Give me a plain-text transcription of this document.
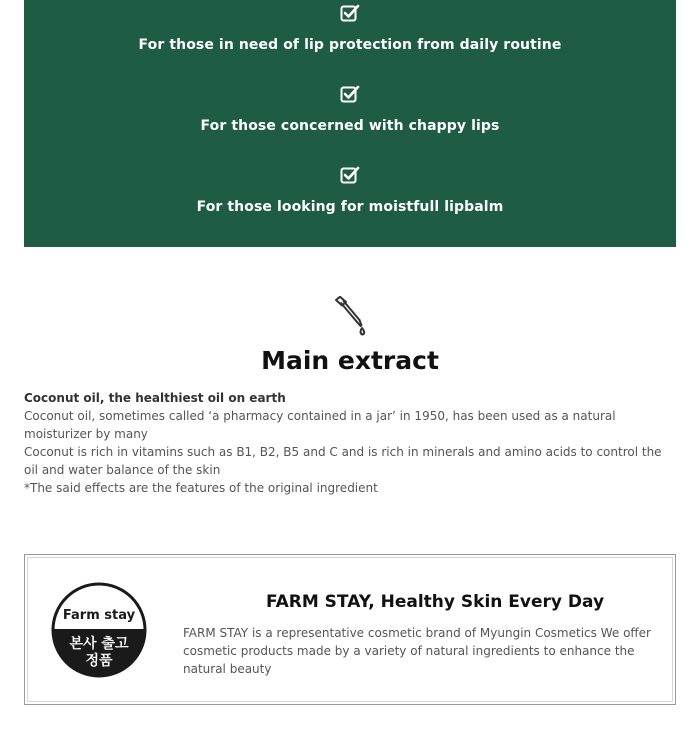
For those in need of lip protection from daily routine
For those concerned with chappy lips
For those looking for moistfull lipbalm
Main extract
Coconut oil, the healthiest oil on earth
Coconut oil, sometimes called ‘a pharmacy contained in a jar’ in 1950, has been used as a natural moisturizer by many
Coconut is rich in vitamins such as B1, B2, B5 and C and is rich in minerals and amino acids to control the oil and water balance of the skin
*The said effects are the features of the original ingredient
Farm stay
본사 출고
정품
FARM STAY, Healthy Skin Every Day

FARM STAY is a representative cosmetic brand of Myungin Cosmetics We offer cosmetic products made by a variety of natural ingredients to enhance the natural beauty
